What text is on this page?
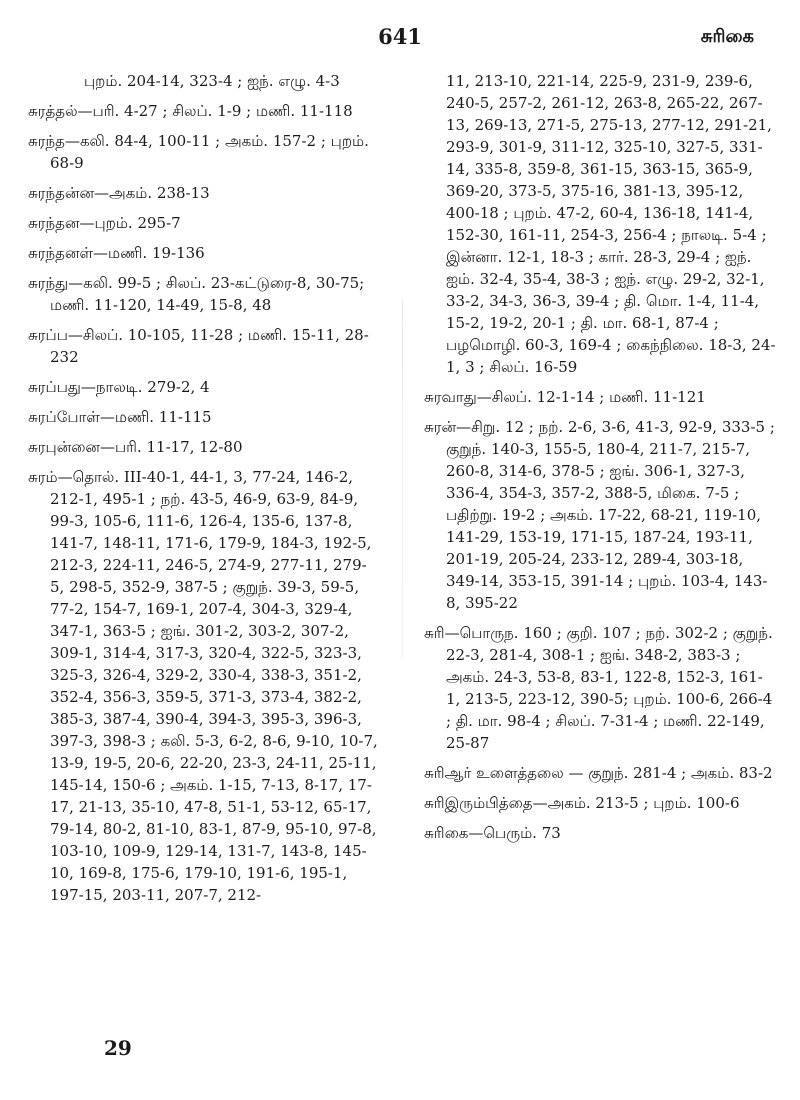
641	சுரிகை

புறம். 204-14, 323-4 ; ஐந். எழு. 4-3

சுரத்தல்—பரி. 4-27 ; சிலப். 1-9 ; மணி. 11-118

சுரந்த—கலி. 84-4, 100-11 ; அகம். 157-2 ; புறம். 68-9

சுரந்தன்ன—அகம். 238-13

சுரந்தன—புறம். 295-7

சுரந்தனள்—மணி. 19-136

சுரந்து—கலி. 99-5 ; சிலப். 23-கட்டுரை-8, 30-75; மணி. 11-120, 14-49, 15-8, 48

சுரப்ப—சிலப். 10-105, 11-28 ; மணி. 15-11, 28-232

சுரப்பது—நாலடி. 279-2, 4

சுரப்போள்—மணி. 11-115

சுரபுன்னை—பரி. 11-17, 12-80

சுரம்—தொல். III-40-1, 44-1, 3, 77-24, 146-2, 212-1, 495-1 ; நற். 43-5, 46-9, 63-9, 84-9, 99-3, 105-6, 111-6, 126-4, 135-6, 137-8, 141-7, 148-11, 171-6, 179-9, 184-3, 192-5, 212-3, 224-11, 246-5, 274-9, 277-11, 279-5, 298-5, 352-9, 387-5 ; குறுந். 39-3, 59-5, 77-2, 154-7, 169-1, 207-4, 304-3, 329-4, 347-1, 363-5 ; ஐங். 301-2, 303-2, 307-2, 309-1, 314-4, 317-3, 320-4, 322-5, 323-3, 325-3, 326-4, 329-2, 330-4, 338-3, 351-2, 352-4, 356-3, 359-5, 371-3, 373-4, 382-2, 385-3, 387-4, 390-4, 394-3, 395-3, 396-3, 397-3, 398-3 ; கலி. 5-3, 6-2, 8-6, 9-10, 10-7, 13-9, 19-5, 20-6, 22-20, 23-3, 24-11, 25-11, 145-14, 150-6 ; அகம். 1-15, 7-13, 8-17, 17-17, 21-13, 35-10, 47-8, 51-1, 53-12, 65-17, 79-14, 80-2, 81-10, 83-1, 87-9, 95-10, 97-8, 103-10, 109-9, 129-14, 131-7, 143-8, 145-10, 169-8, 175-6, 179-10, 191-6, 195-1, 197-15, 203-11, 207-7, 212-

11, 213-10, 221-14, 225-9, 231-9, 239-6, 240-5, 257-2, 261-12, 263-8, 265-22, 267-13, 269-13, 271-5, 275-13, 277-12, 291-21, 293-9, 301-9, 311-12, 325-10, 327-5, 331-14, 335-8, 359-8, 361-15, 363-15, 365-9, 369-20, 373-5, 375-16, 381-13, 395-12, 400-18 ; புறம். 47-2, 60-4, 136-18, 141-4, 152-30, 161-11, 254-3, 256-4 ; நாலடி. 5-4 ; இன்னா. 12-1, 18-3 ; கார். 28-3, 29-4 ; ஐந். ஐம். 32-4, 35-4, 38-3 ; ஐந். எழு. 29-2, 32-1, 33-2, 34-3, 36-3, 39-4 ; தி. மொ. 1-4, 11-4, 15-2, 19-2, 20-1 ; தி. மா. 68-1, 87-4 ; பழமொழி. 60-3, 169-4 ; கைந்நிலை. 18-3, 24-1, 3 ; சிலப். 16-59

சுரவாது—சிலப். 12-1-14 ; மணி. 11-121

சுரன்—சிறு. 12 ; நற். 2-6, 3-6, 41-3, 92-9, 333-5 ; குறுந். 140-3, 155-5, 180-4, 211-7, 215-7, 260-8, 314-6, 378-5 ; ஐங். 306-1, 327-3, 336-4, 354-3, 357-2, 388-5, மிகை. 7-5 ; பதிற்று. 19-2 ; அகம். 17-22, 68-21, 119-10, 141-29, 153-19, 171-15, 187-24, 193-11, 201-19, 205-24, 233-12, 289-4, 303-18, 349-14, 353-15, 391-14 ; புறம். 103-4, 143-8, 395-22

சுரி—பொருந. 160 ; குறி. 107 ; நற். 302-2 ; குறுந். 22-3, 281-4, 308-1 ; ஐங். 348-2, 383-3 ; அகம். 24-3, 53-8, 83-1, 122-8, 152-3, 161-1, 213-5, 223-12, 390-5; புறம். 100-6, 266-4 ; தி. மா. 98-4 ; சிலப். 7-31-4 ; மணி. 22-149, 25-87

சுரிஆர் உளைத்தலை — குறுந். 281-4 ; அகம். 83-2

சுரிஇரும்பித்தை—அகம். 213-5 ; புறம். 100-6

சுரிகை—பெரும். 73

29
